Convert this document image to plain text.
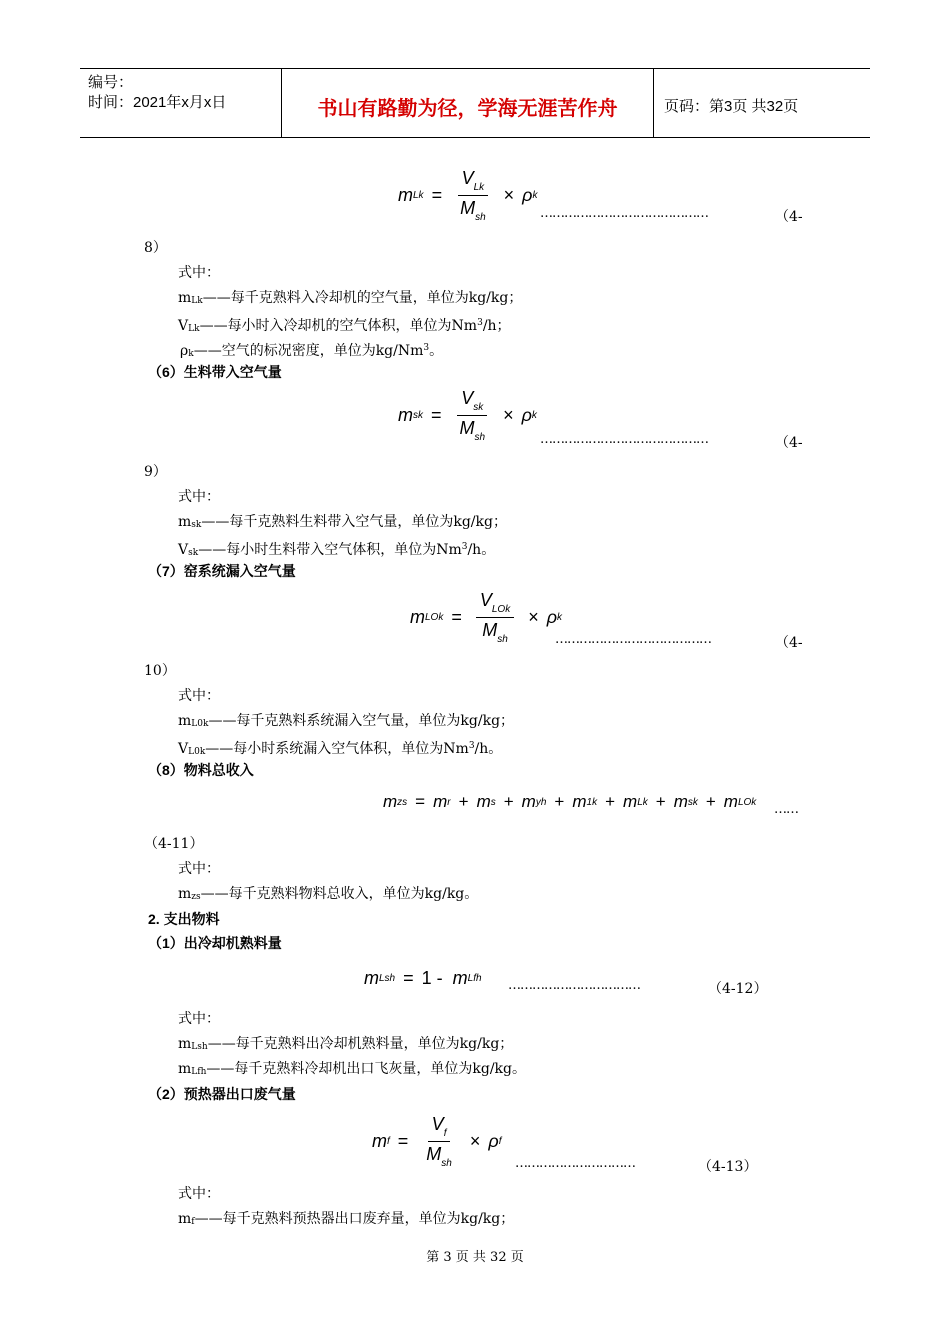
编号：
时间：2021年x月x日	书山有路勤为径，学海无涯苦作舟	页码：第3页 共32页
m $Lk = \frac{V_{Lk}}{M_{sh}} \times \rho$ k
……………………………………	（4-
8）
式中：
$m_{Lk}——$每千克熟料入冷却机的空气量，单位为kg/kg；
$V_{Lk}——$每小时入冷却机的空气体积，单位为Nm$^3$/h；
$\rho_k——$空气的标况密度，单位为kg/Nm$^3$。
（6）生料带入空气量
m sk = $\frac{V_{sk}}{M_{sh}} \times \rho$ k
……………………………………	（4-
9）
式中：
$m_{sk}——$每千克熟料生料带入空气量，单位为kg/kg；
$V_{sk}——$每小时生料带入空气体积，单位为Nm$^3$/h。
（7）窑系统漏入空气量
m LOk = $\frac{V_{LOk}}{M_{sh}} \times \rho$ k
…………………………………	（4-
10）
式中：
$m_{L0k}——$每千克熟料系统漏入空气量，单位为kg/kg；
$V_{L0k}——$每小时系统漏入空气体积，单位为Nm$^3$/h。
（8）物料总收入
m zs = m r + m s + m yh + m 1k + m Lk + m sk + m LOk ……
（4-11）
式中：
$m_{zs}——$每千克熟料物料总收入，单位为kg/kg。
2. 支出物料
（1）出冷却机熟料量
m Lsh = 1 - m Lfh ……………………………	（4-12）
式中：
$m_{Lsh}——$每千克熟料出冷却机熟料量，单位为kg/kg；
$m_{Lfh}——$每千克熟料冷却机出口飞灰量，单位为kg/kg。
（2）预热器出口废气量
m $f = \frac{V_f}{M_{sh}} \times \rho$ f
…………………………	（4-13）
式中：
$m_f——$每千克熟料预热器出口废弃量，单位为kg/kg；
第 3 页 共 32 页
